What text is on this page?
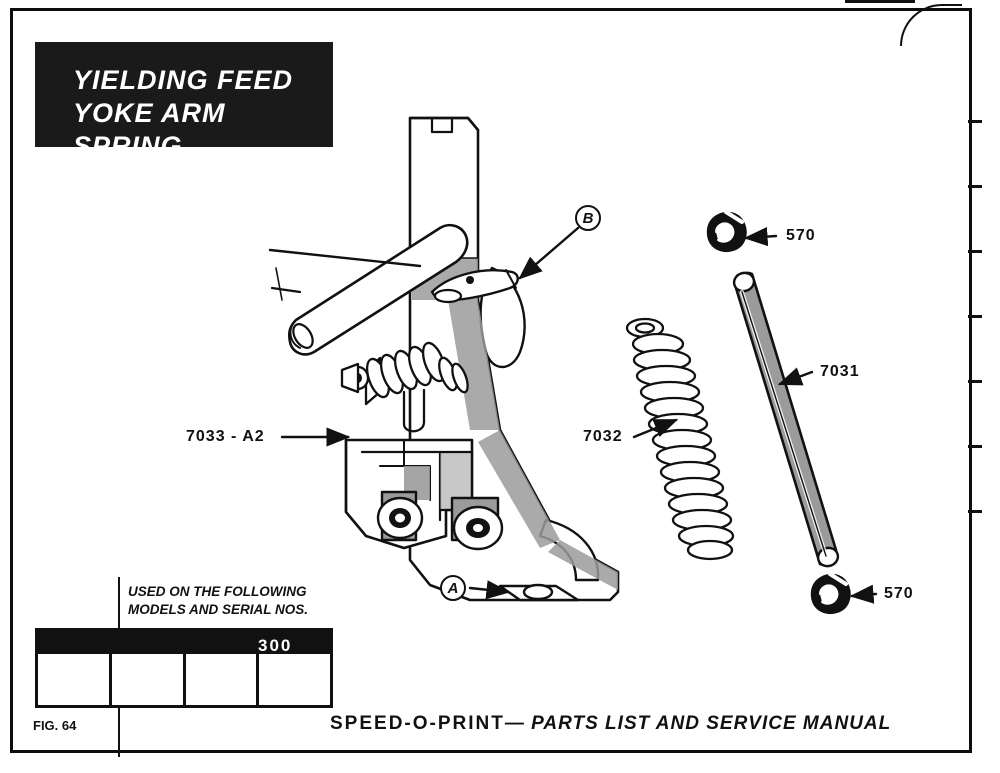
YIELDING FEED
YOKE ARM SPRING
7033 - A2	7032
7031
570
570
A
B
USED ON THE FOLLOWING
MODELS AND SERIAL NOS.
300
FIG. 64	SPEED-O-PRINT— PARTS LIST AND SERVICE MANUAL
